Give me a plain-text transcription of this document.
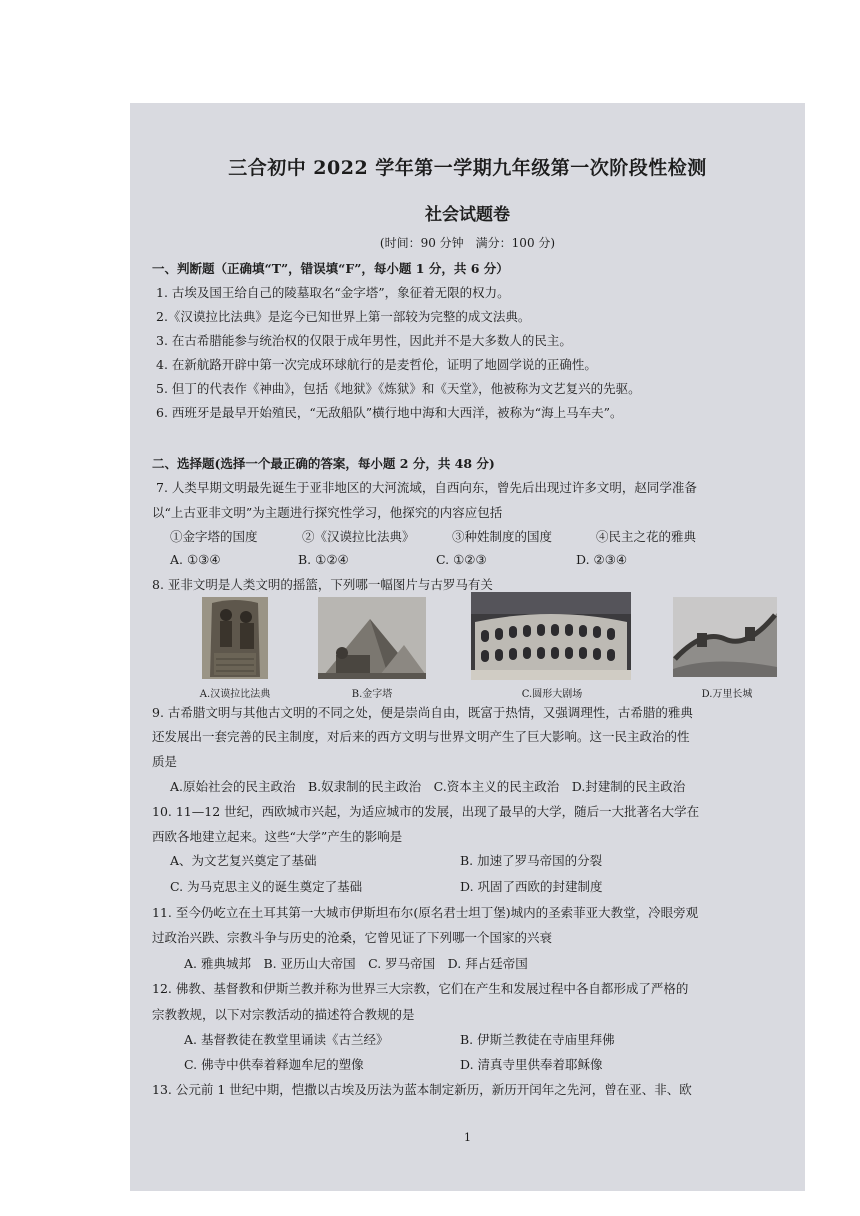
三合初中 2022 学年第一学期九年级第一次阶段性检测
社会试题卷
(时间：90 分钟　满分：100 分)
一、判断题（正确填“T”，错误填“F”，每小题 1 分，共 6 分）
1. 古埃及国王给自己的陵墓取名“金字塔”，象征着无限的权力。
2.《汉谟拉比法典》是迄今已知世界上第一部较为完整的成文法典。
3. 在古希腊能参与统治权的仅限于成年男性，因此并不是大多数人的民主。
4. 在新航路开辟中第一次完成环球航行的是麦哲伦，证明了地圆学说的正确性。
5. 但丁的代表作《神曲》，包括《地狱》《炼狱》和《天堂》，他被称为文艺复兴的先驱。
6. 西班牙是最早开始殖民，“无敌船队”横行地中海和大西洋，被称为“海上马车夫”。
二、选择题(选择一个最正确的答案，每小题 2 分，共 48 分)
7. 人类早期文明最先诞生于亚非地区的大河流域，自西向东，曾先后出现过许多文明，赵同学准备
以“上古亚非文明”为主题进行探究性学习，他探究的内容应包括
①金字塔的国度	②《汉谟拉比法典》	③种姓制度的国度	④民主之花的雅典
A. ①③④	B. ①②④	C. ①②③	D. ②③④
8. 亚非文明是人类文明的摇篮，下列哪一幅图片与古罗马有关
A.汉谟拉比法典	B.金字塔	C.圆形大剧场	D.万里长城
9. 古希腊文明与其他古文明的不同之处，便是崇尚自由，既富于热情，又强调理性，古希腊的雅典
还发展出一套完善的民主制度，对后来的西方文明与世界文明产生了巨大影响。这一民主政治的性
质是
A.原始社会的民主政治　B.奴隶制的民主政治　C.资本主义的民主政治　D.封建制的民主政治
10. 11—12 世纪，西欧城市兴起，为适应城市的发展，出现了最早的大学，随后一大批著名大学在
西欧各地建立起来。这些“大学”产生的影响是
A、为文艺复兴奠定了基础	B. 加速了罗马帝国的分裂
C. 为马克思主义的诞生奠定了基础	D. 巩固了西欧的封建制度
11. 至今仍屹立在土耳其第一大城市伊斯坦布尔(原名君士坦丁堡)城内的圣索菲亚大教堂，冷眼旁观
过政治兴跌、宗教斗争与历史的沧桑，它曾见证了下列哪一个国家的兴衰
A. 雅典城邦　B. 亚历山大帝国　C. 罗马帝国　D. 拜占廷帝国
12. 佛教、基督教和伊斯兰教并称为世界三大宗教，它们在产生和发展过程中各自都形成了严格的
宗教教规，以下对宗教活动的描述符合教规的是
A. 基督教徒在教堂里诵读《古兰经》	B. 伊斯兰教徒在寺庙里拜佛
C. 佛寺中供奉着释迦牟尼的塑像	D. 清真寺里供奉着耶稣像
13. 公元前 1 世纪中期，恺撒以古埃及历法为蓝本制定新历，新历开闰年之先河，曾在亚、非、欧
1
